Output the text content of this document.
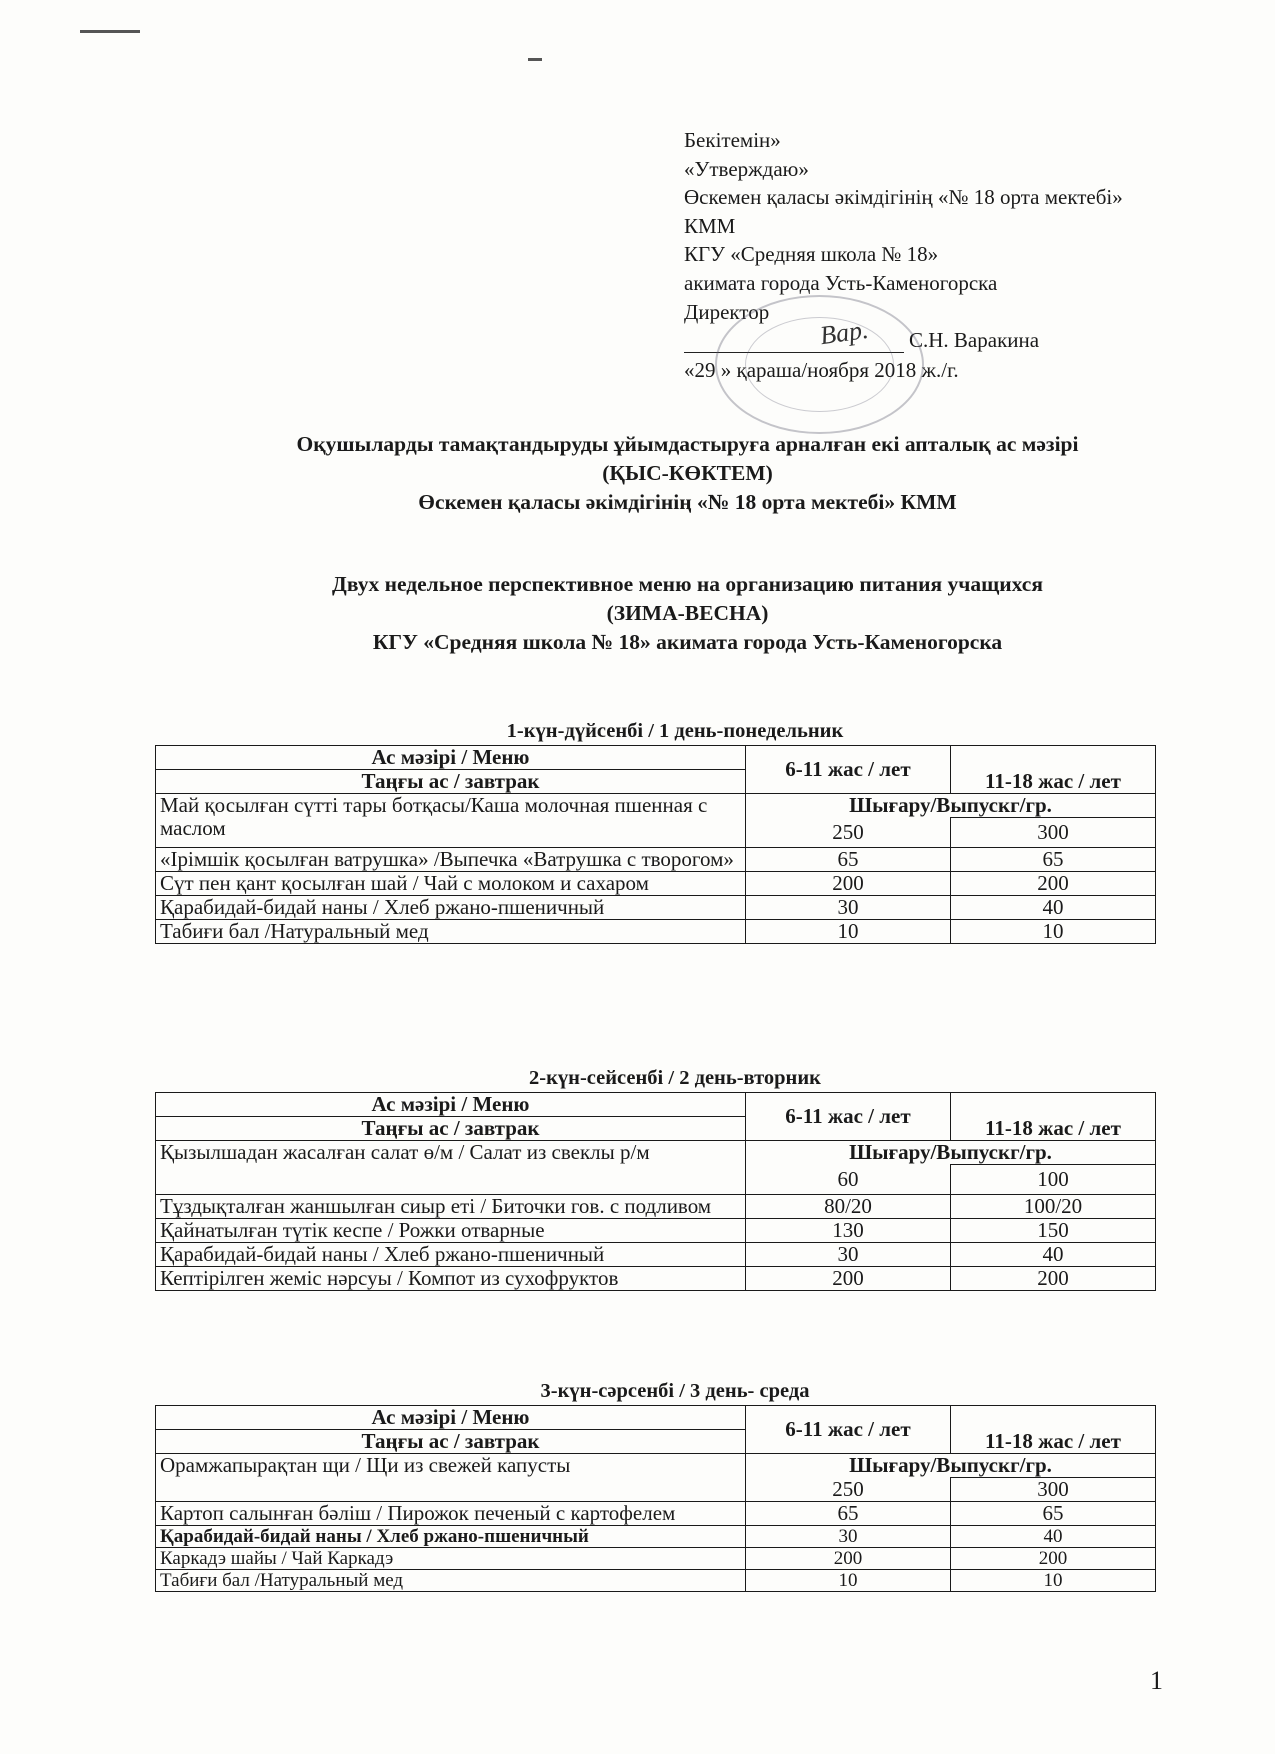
Бекітемін»
«Утверждаю»
Өскемен қаласы әкімдігінің «№ 18 орта мектебі»
КММ
КГУ «Средняя школа № 18»
акимата города Усть-Каменогорска
Директор
С.Н. Варакина
«29 » қараша/ноября 2018 ж./г.
Вар.
Оқушыларды тамақтандыруды ұйымдастыруға арналған екі апталық ас мәзірі
(ҚЫС-КӨКТЕМ)
Өскемен қаласы әкімдігінің «№ 18 орта мектебі» КММ
Двух недельное перспективное меню на организацию питания учащихся
(ЗИМА-ВЕСНА)
КГУ «Средняя школа № 18» акимата города Усть-Каменогорска
1-күн-дүйсенбі / 1 день-понедельник
Ас мәзірі / Меню	6-11 жас / лет	11-18 жас / лет
Таңғы ас / завтрак		
Май қосылған сүтті тары ботқасы/Каша молочная пшенная с маслом	Шығару/Выпускг/гр.	
	250	300
«Ірімшік қосылған ватрушка» /Выпечка «Ватрушка с творогом»	65	65
Сүт пен қант қосылған шай / Чай с молоком и сахаром	200	200
Қарабидай-бидай наны / Хлеб ржано-пшеничный	30	40
Табиғи бал /Натуральный мед	10	10
2-күн-сейсенбі / 2 день-вторник
Ас мәзірі / Меню	6-11 жас / лет	11-18 жас / лет
Таңғы ас / завтрак		
Қызылшадан жасалған салат ө/м / Салат из свеклы р/м	Шығару/Выпускг/гр.	
	60	100
Тұздықталған жаншылған сиыр еті / Биточки гов. с подливом	80/20	100/20
Қайнатылған түтік кеспе / Рожки отварные	130	150
Қарабидай-бидай наны / Хлеб ржано-пшеничный	30	40
Кептірілген жеміс нәрсуы / Компот из сухофруктов	200	200
3-күн-сәрсенбі / 3 день- среда
Ас мәзірі / Меню	6-11 жас / лет	11-18 жас / лет
Таңғы ас / завтрак		
Орамжапырақтан щи / Щи из свежей капусты	Шығару/Выпускг/гр.	
	250	300
Картоп салынған бәліш / Пирожок печеный с картофелем	65	65
Қарабидай-бидай наны / Хлеб ржано-пшеничный	30	40
Каркадэ шайы / Чай Каркадэ	200	200
Табиғи бал /Натуральный мед	10	10
1
